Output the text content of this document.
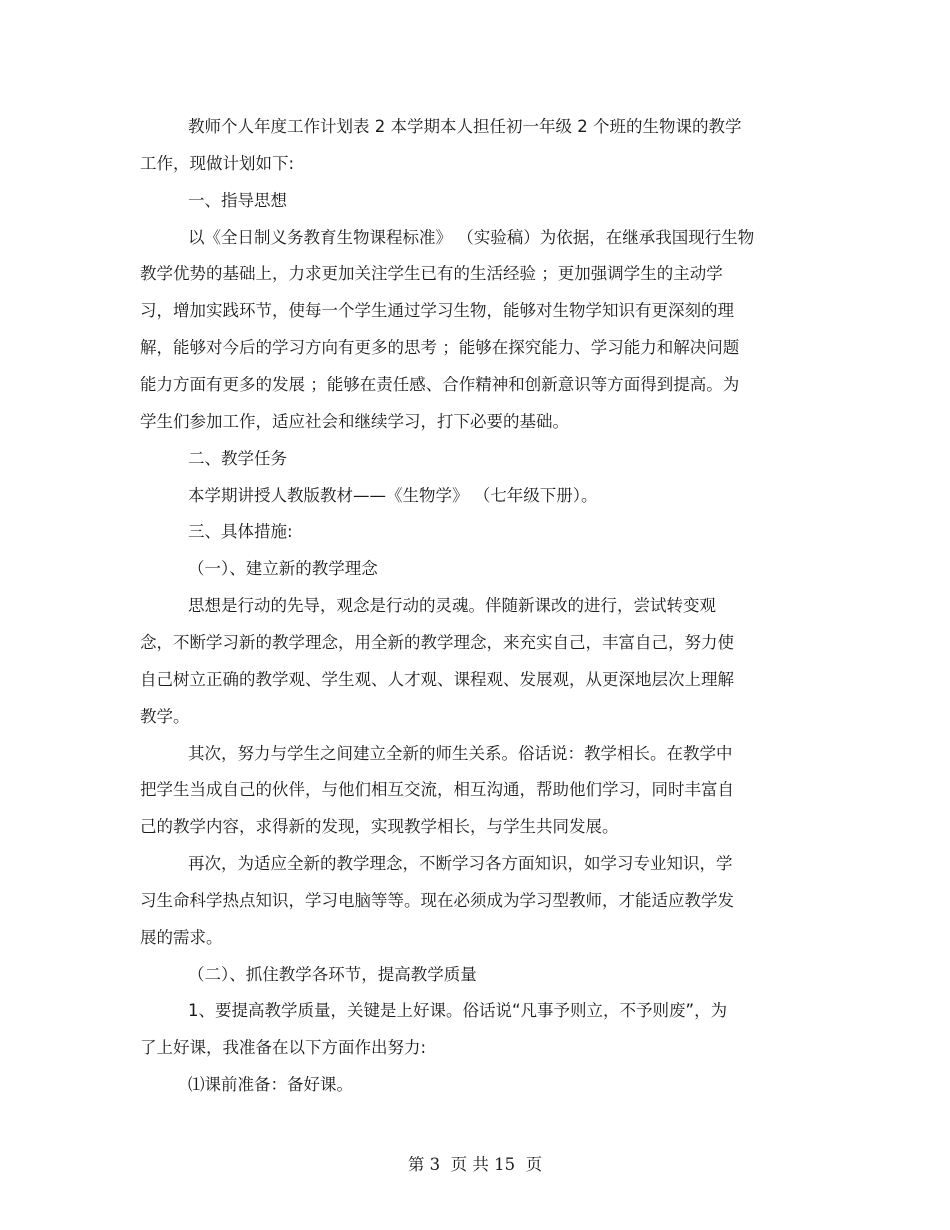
教师个人年度工作计划表 2 本学期本人担任初一年级 2 个班的生物课的教学
工作，现做计划如下:
一、指导思想
以《全日制义务教育生物课程标准》 （实验稿）为依据，在继承我国现行生物
教学优势的基础上，力求更加关注学生已有的生活经验 ；更加强调学生的主动学
习，增加实践环节，使每一个学生通过学习生物，能够对生物学知识有更深刻的理
解，能够对今后的学习方向有更多的思考 ；能够在探究能力、学习能力和解决问题
能力方面有更多的发展 ；能够在责任感、合作精神和创新意识等方面得到提高。为
学生们参加工作，适应社会和继续学习，打下必要的基础。
二、教学任务
本学期讲授人教版教材——《生物学》 （七年级下册）。
三、具体措施:
（一）、建立新的教学理念
思想是行动的先导，观念是行动的灵魂。伴随新课改的进行，尝试转变观
念，不断学习新的教学理念，用全新的教学理念，来充实自己，丰富自己，努力使
自己树立正确的教学观、学生观、人才观、课程观、发展观，从更深地层次上理解
教学。
其次，努力与学生之间建立全新的师生关系。俗话说：教学相长。在教学中
把学生当成自己的伙伴，与他们相互交流，相互沟通，帮助他们学习，同时丰富自
己的教学内容，求得新的发现，实现教学相长，与学生共同发展。
再次，为适应全新的教学理念，不断学习各方面知识，如学习专业知识，学
习生命科学热点知识，学习电脑等等。现在必须成为学习型教师，才能适应教学发
展的需求。
（二）、抓住教学各环节，提高教学质量
1、要提高教学质量，关键是上好课。俗话说“凡事予则立，不予则废”，为
了上好课，我准备在以下方面作出努力:
⑴课前准备：备好课。
第 3  页 共 15  页
